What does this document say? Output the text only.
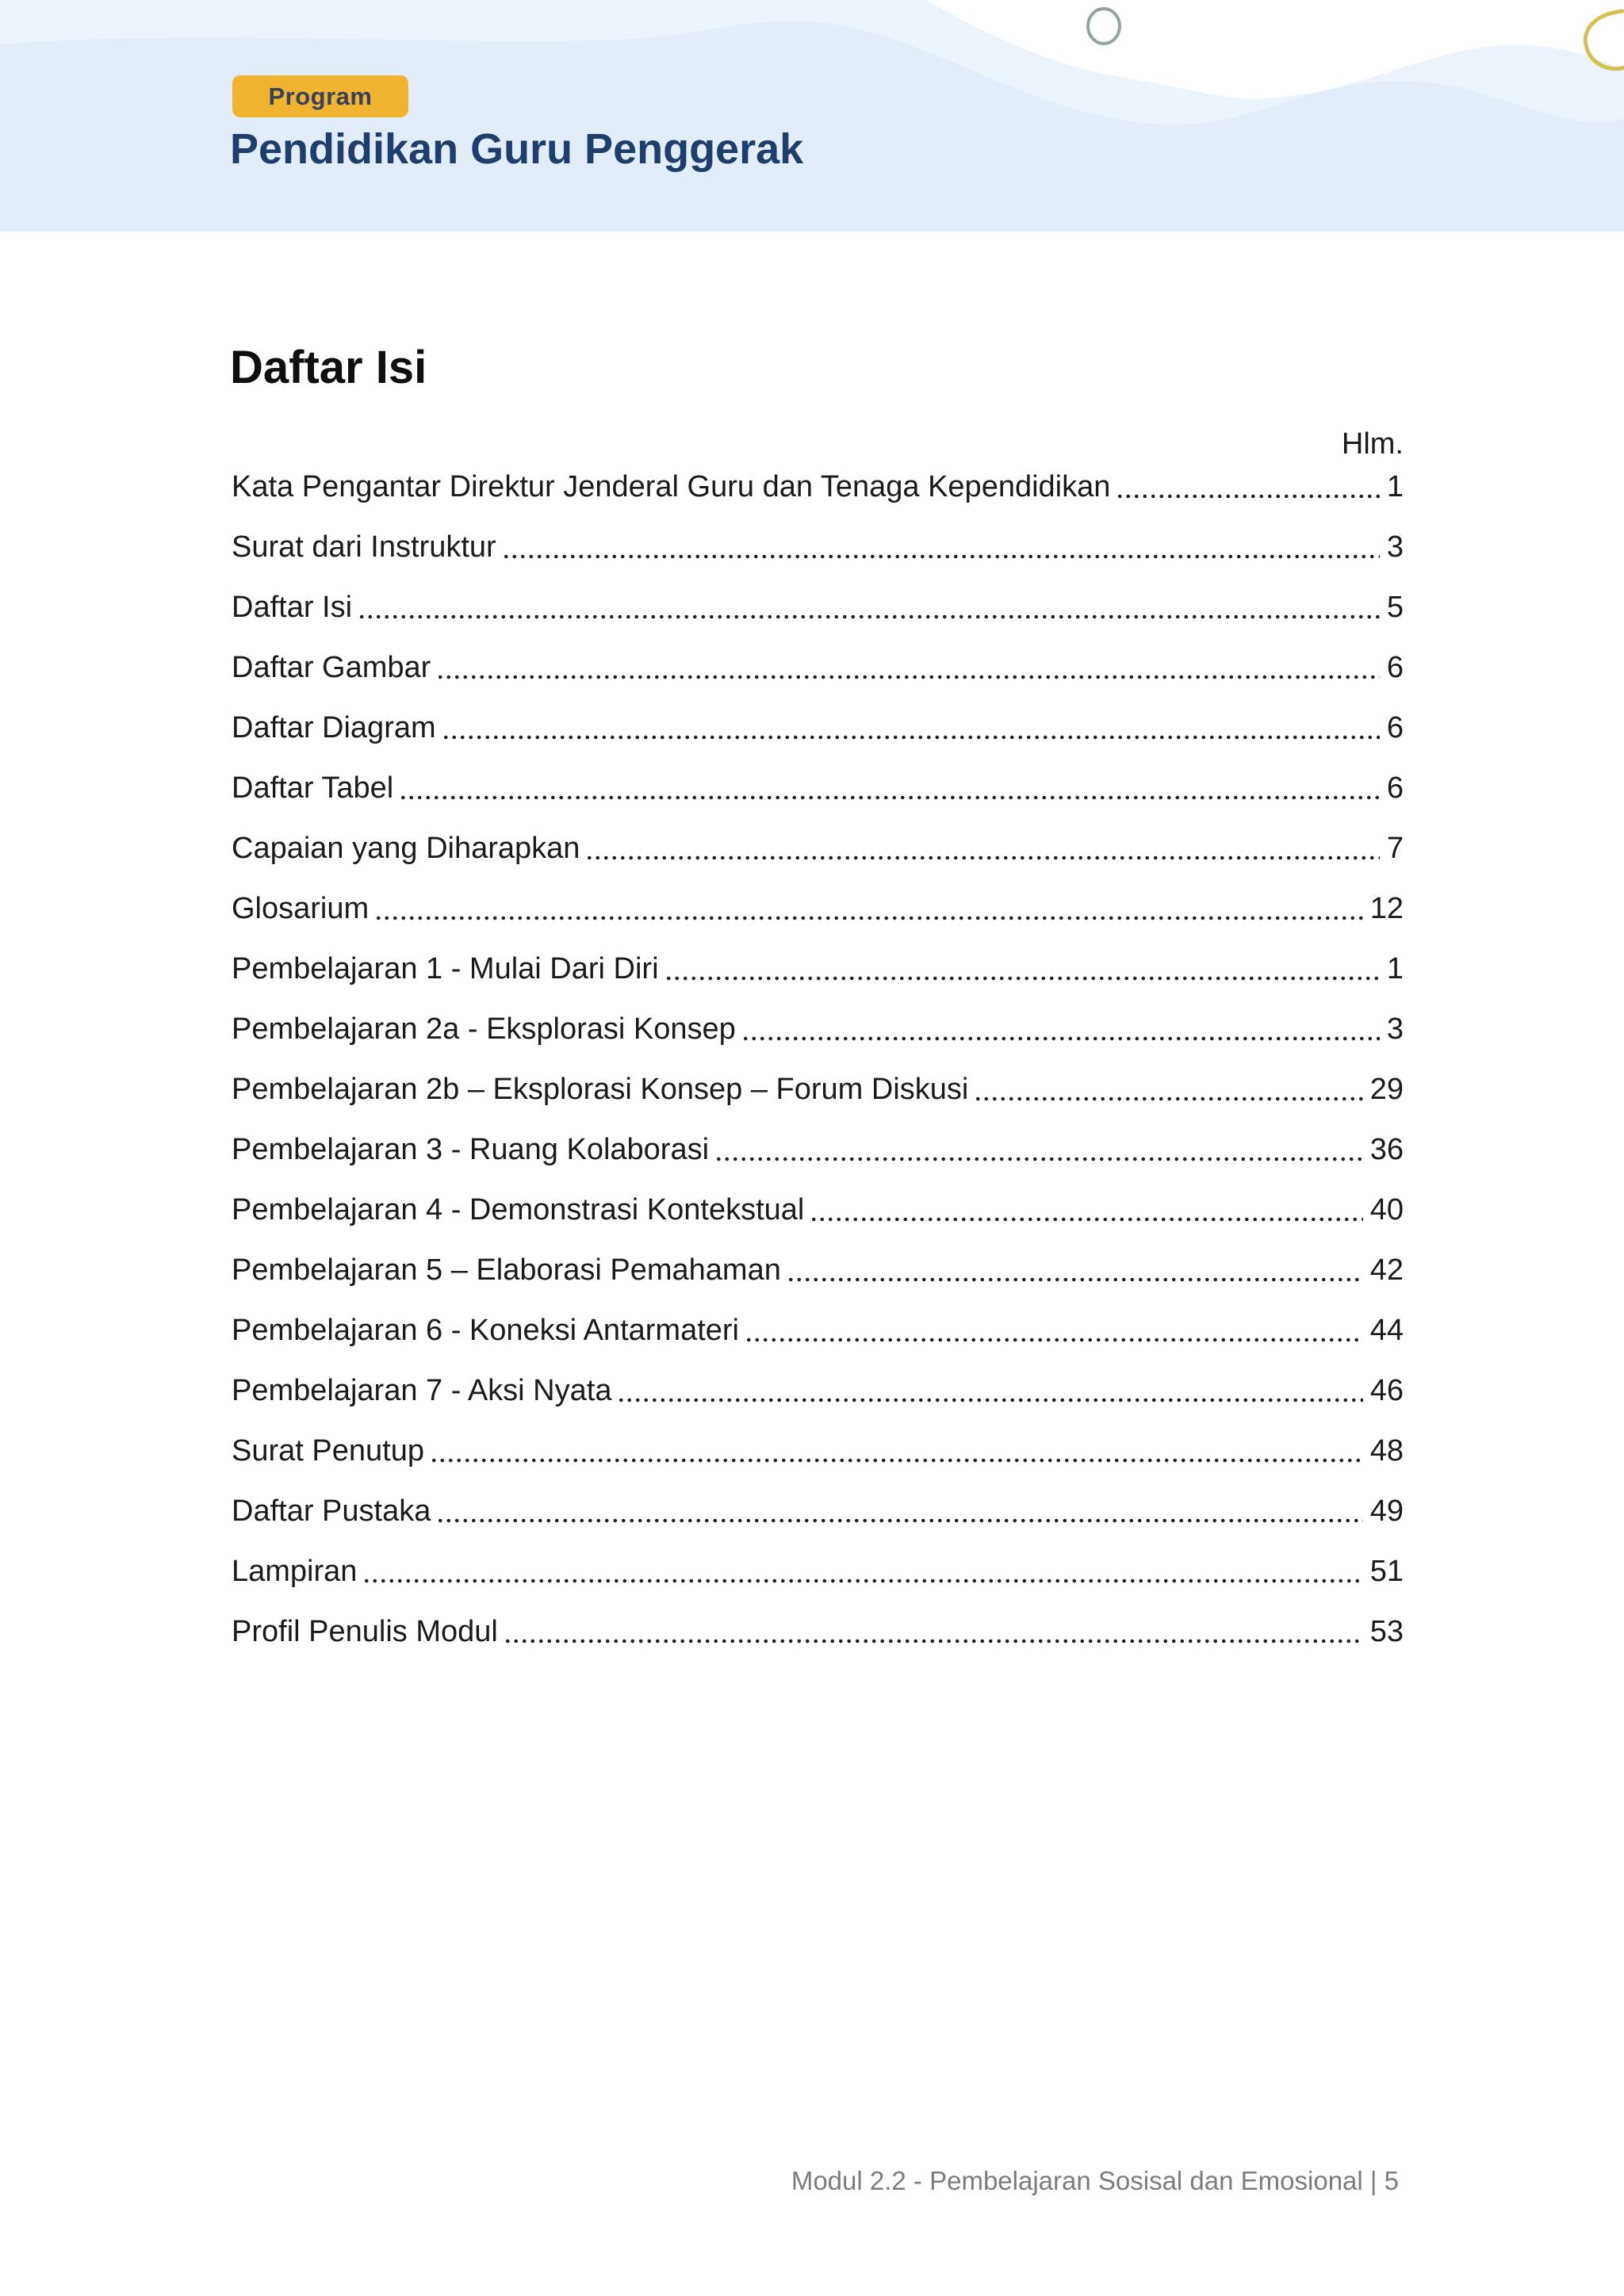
Program
Pendidikan Guru Penggerak
Daftar Isi
Hlm.
Kata Pengantar Direktur Jenderal Guru dan Tenaga Kependidikan	1
Surat dari Instruktur	3
Daftar Isi	5
Daftar Gambar	6
Daftar Diagram	6
Daftar Tabel	6
Capaian yang Diharapkan	7
Glosarium	12
Pembelajaran 1 - Mulai Dari Diri	1
Pembelajaran 2a - Eksplorasi Konsep	3
Pembelajaran 2b – Eksplorasi Konsep – Forum Diskusi	29
Pembelajaran 3 - Ruang Kolaborasi	36
Pembelajaran 4 - Demonstrasi Kontekstual	40
Pembelajaran 5 – Elaborasi Pemahaman	42
Pembelajaran 6 - Koneksi Antarmateri	44
Pembelajaran 7 - Aksi Nyata	46
Surat Penutup	48
Daftar Pustaka	49
Lampiran	51
Profil Penulis Modul	53
Modul 2.2 - Pembelajaran Sosisal dan Emosional | 5
